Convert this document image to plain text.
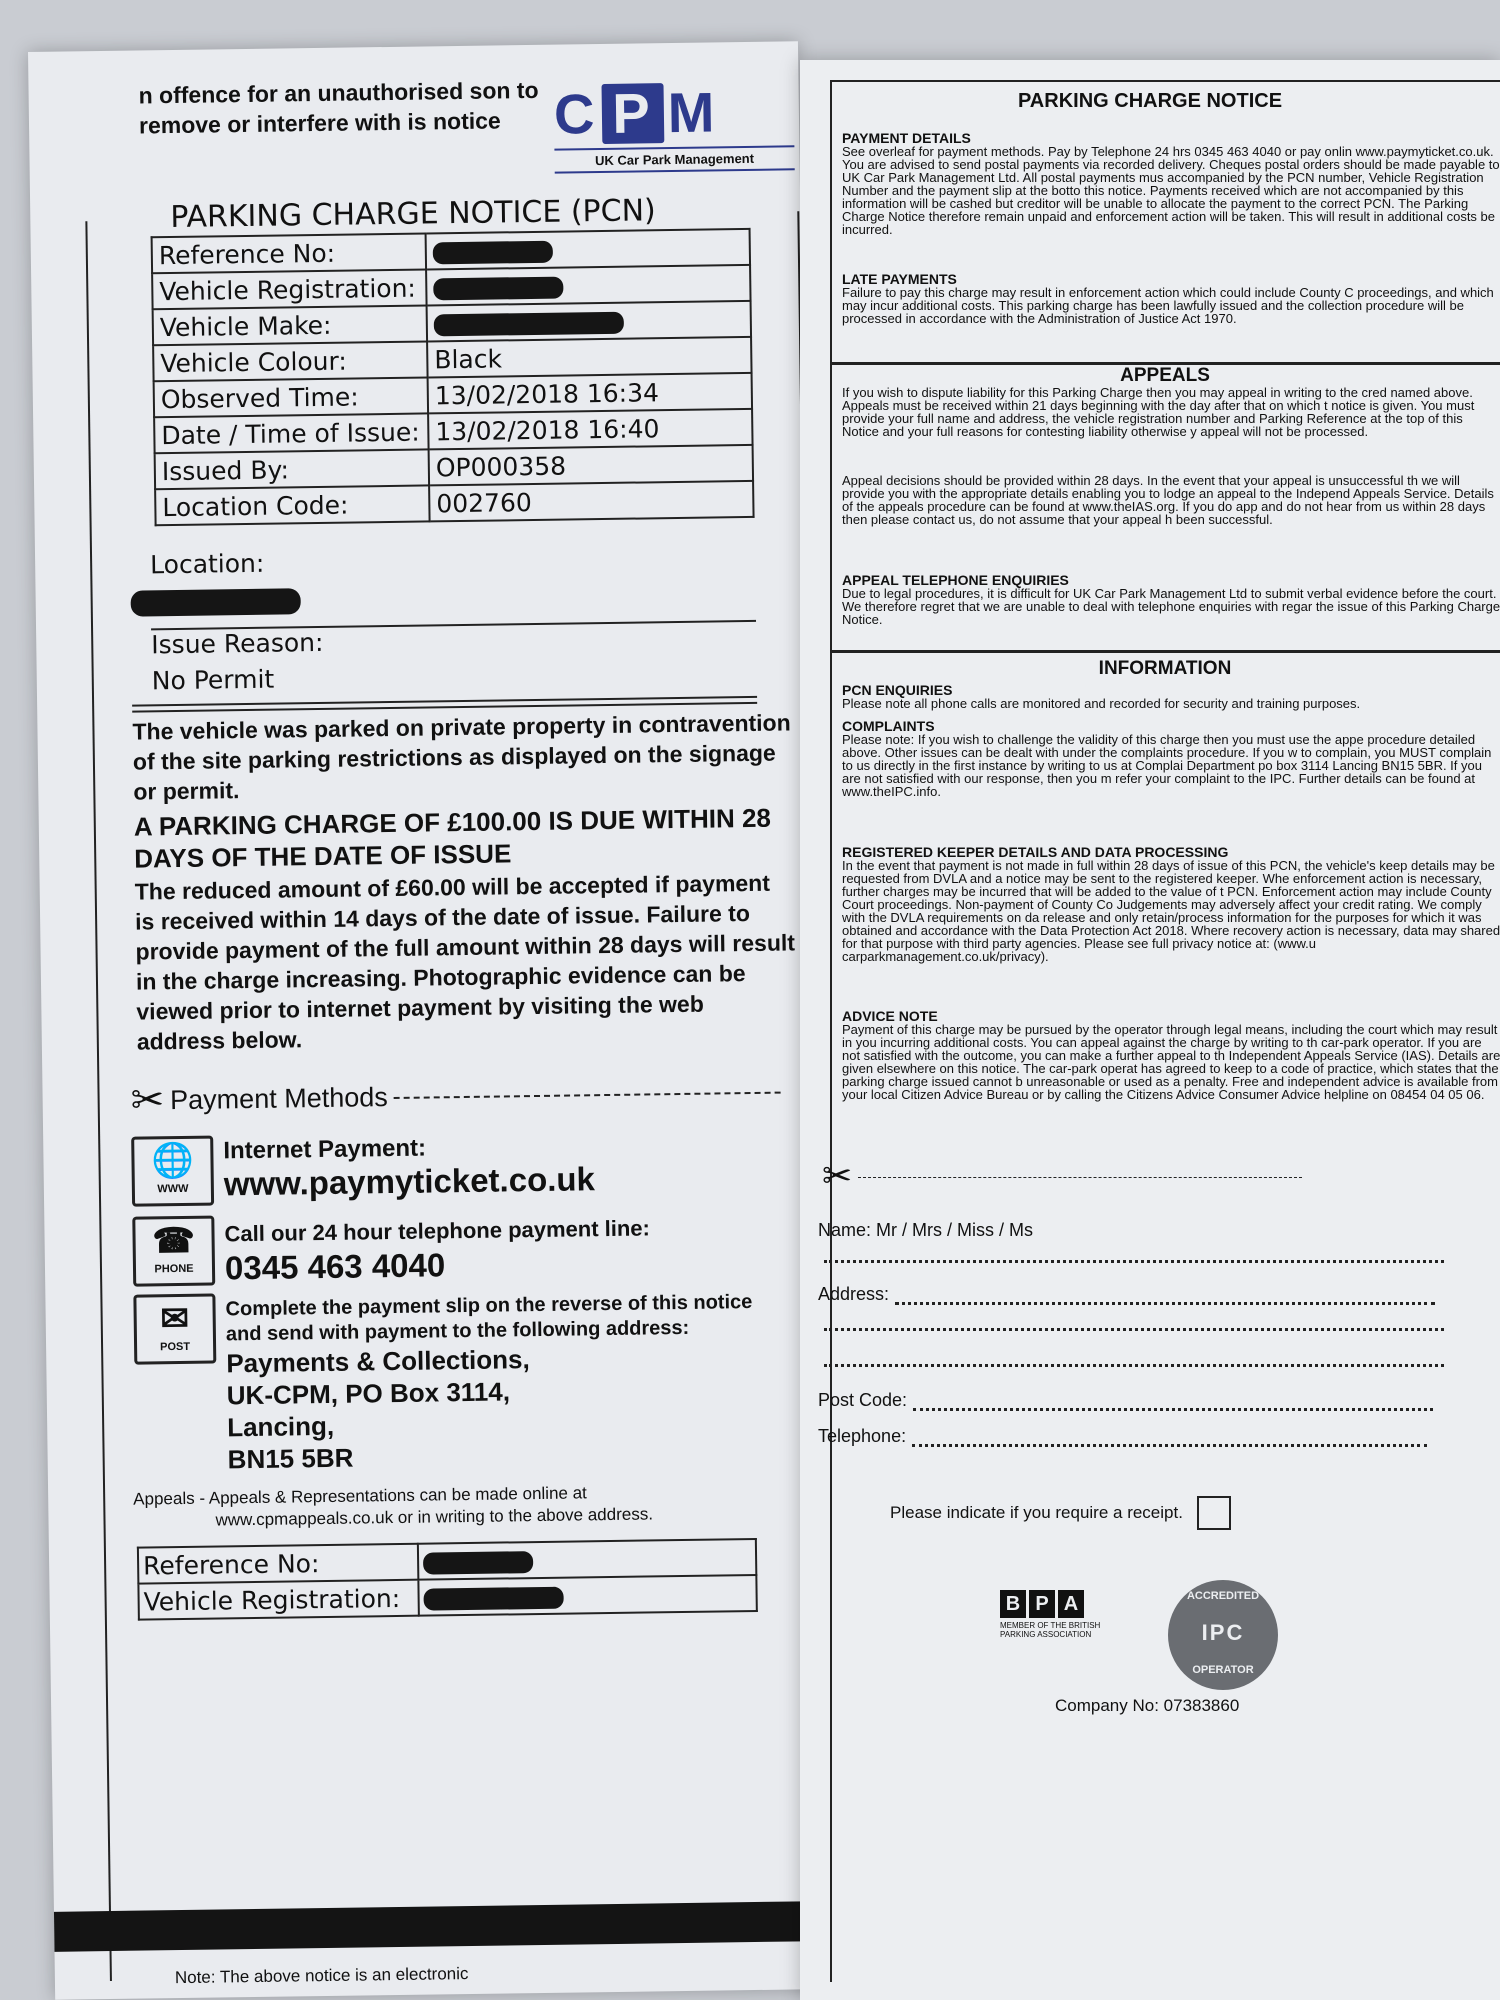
n offence for an unauthorised son to remove or interfere with is notice C P M
UK Car Park Management
PARKING CHARGE NOTICE (PCN)
Reference No:	
Vehicle Registration:	
Vehicle Make:	
Vehicle Colour:	Black
Observed Time:	13/02/2018 16:34
Date / Time of Issue:	13/02/2018 16:40
Issued By:	OP000358
Location Code:	002760
Location:
Issue Reason:
No Permit
The vehicle was parked on private property in contravention of the site parking restrictions as displayed on the signage or permit.
A PARKING CHARGE OF £100.00 IS DUE WITHIN 28 DAYS OF THE DATE OF ISSUE
The reduced amount of £60.00 will be accepted if payment is received within 14 days of the date of issue. Failure to provide payment of the full amount within 28 days will result in the charge increasing. Photographic evidence can be viewed prior to internet payment by visiting the web address below.
✂ Payment Methods
🌐
WWW
Internet Payment:
www.paymyticket.co.uk
☎
PHONE
Call our 24 hour telephone payment line:
0345 463 4040
✉
POST
Complete the payment slip on the reverse of this notice and send with payment to the following address:
Payments & Collections,
UK-CPM, PO Box 3114,
Lancing,
BN15 5BR
Appeals - Appeals & Representations can be made online at
www.cpmappeals.co.uk or in writing to the above address.
Reference No:	
Vehicle Registration:	
Note: The above notice is an electronic
PARKING CHARGE NOTICE
PAYMENT DETAILS
See overleaf for payment methods. Pay by Telephone 24 hrs 0345 463 4040 or pay onlin www.paymyticket.co.uk. You are advised to send postal payments via recorded delivery. Cheques postal orders should be made payable to UK Car Park Management Ltd. All postal payments mus accompanied by the PCN number, Vehicle Registration Number and the payment slip at the botto this notice. Payments received which are not accompanied by this information will be cashed but creditor will be unable to allocate the payment to the correct PCN. The Parking Charge Notice therefore remain unpaid and enforcement action will be taken. This will result in additional costs be incurred.
LATE PAYMENTS
Failure to pay this charge may result in enforcement action which could include County C proceedings, and which may incur additional costs. This parking charge has been lawfully issued and the collection procedure will be processed in accordance with the Administration of Justice Act 1970.
APPEALS
If you wish to dispute liability for this Parking Charge then you may appeal in writing to the cred named above. Appeals must be received within 21 days beginning with the day after that on which t notice is given. You must provide your full name and address, the vehicle registration number and Parking Reference at the top of this Notice and your full reasons for contesting liability otherwise y appeal will not be processed.
Appeal decisions should be provided within 28 days. In the event that your appeal is unsuccessful th we will provide you with the appropriate details enabling you to lodge an appeal to the Independ Appeals Service. Details of the appeals procedure can be found at www.theIAS.org. If you do app and do not hear from us within 28 days then please contact us, do not assume that your appeal h been successful.
APPEAL TELEPHONE ENQUIRIES
Due to legal procedures, it is difficult for UK Car Park Management Ltd to submit verbal evidence before the court. We therefore regret that we are unable to deal with telephone enquiries with regar the issue of this Parking Charge Notice.
INFORMATION
PCN ENQUIRIES
Please note all phone calls are monitored and recorded for security and training purposes.
COMPLAINTS
Please note: If you wish to challenge the validity of this charge then you must use the appe procedure detailed above. Other issues can be dealt with under the complaints procedure. If you w to complain, you MUST complain to us directly in the first instance by writing to us at Complai Department po box 3114 Lancing BN15 5BR. If you are not satisfied with our response, then you m refer your complaint to the IPC. Further details can be found at www.theIPC.info.
REGISTERED KEEPER DETAILS AND DATA PROCESSING
In the event that payment is not made in full within 28 days of issue of this PCN, the vehicle's keep details may be requested from DVLA and a notice may be sent to the registered keeper. Whe enforcement action is necessary, further charges may be incurred that will be added to the value of t PCN. Enforcement action may include County Court proceedings. Non-payment of County Co Judgements may adversely affect your credit rating. We comply with the DVLA requirements on da release and only retain/process information for the purposes for which it was obtained and accordance with the Data Protection Act 2018. Where recovery action is necessary, data may shared for that purpose with third party agencies. Please see full privacy notice at: (www.u carparkmanagement.co.uk/privacy).
ADVICE NOTE
Payment of this charge may be pursued by the operator through legal means, including the court which may result in you incurring additional costs. You can appeal against the charge by writing to th car-park operator. If you are not satisfied with the outcome, you can make a further appeal to th Independent Appeals Service (IAS). Details are given elsewhere on this notice. The car-park operat has agreed to keep to a code of practice, which states that the parking charge issued cannot b unreasonable or used as a penalty. Free and independent advice is available from your local Citizen Advice Bureau or by calling the Citizens Advice Consumer Advice helpline on 08454 04 05 06.
✂
Name: Mr / Mrs / Miss / Ms
Address:
Post Code:
Telephone:
Please indicate if you require a receipt.
B P A
MEMBER OF THE BRITISH PARKING ASSOCIATION
ACCREDITED
IPC
OPERATOR
Company No: 07383860
